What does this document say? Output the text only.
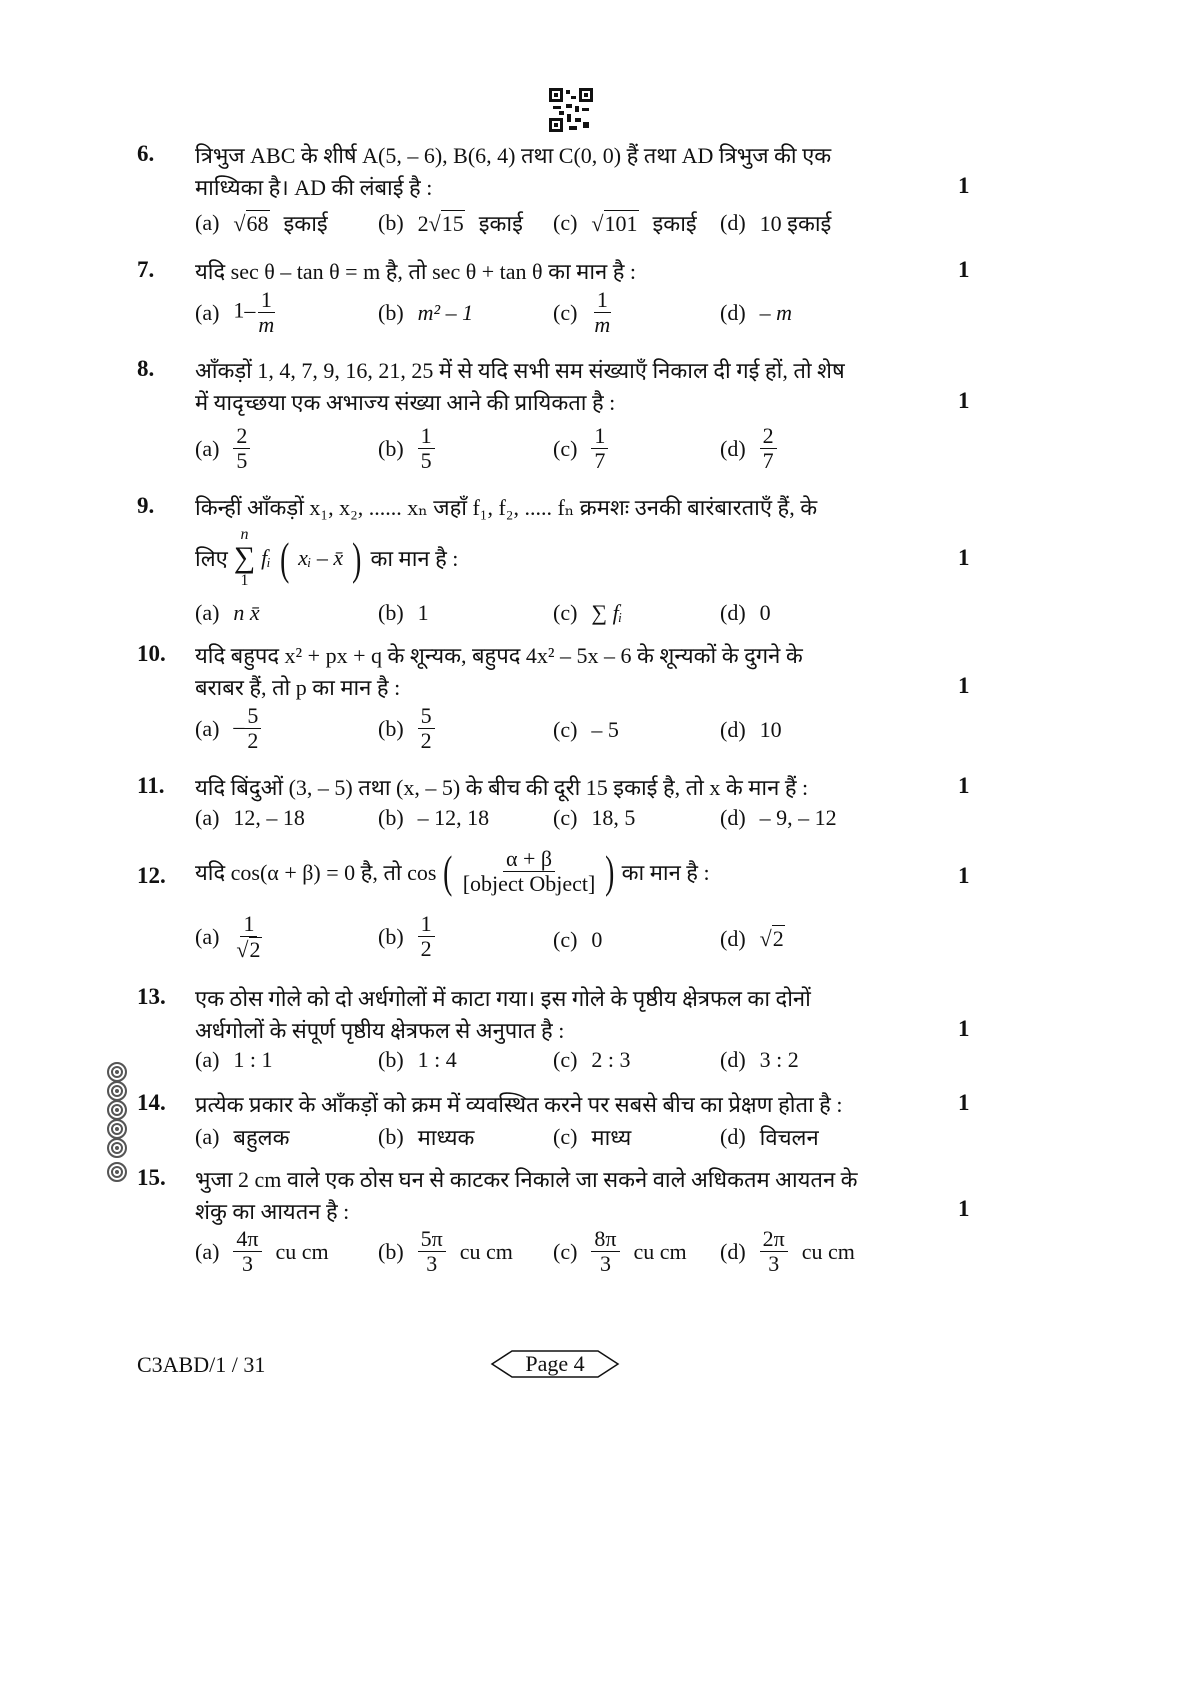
6. त्रिभुज ABC के शीर्ष A(5, – 6), B(6, 4) तथा C(0, 0) हैं तथा AD त्रिभुज की एक
माध्यिका है। AD की लंबाई है :	1
(a) √ 68 इकाई (b) 2 √ 15 इकाई (c) √ 101 इकाई (d) 10 इकाई
7. यदि sec θ – tan θ = m है, तो sec θ + tan θ का मान है :	1
(a) $1- \frac{1}{m}$	(b) m² – 1	$(c) \frac{1}{m}$	(d) – m
8. आँकड़ों 1, 4, 7, 9, 16, 21, 25 में से यदि सभी सम संख्याएँ निकाल दी गई हों, तो शेष
में यादृच्छया एक अभाज्य संख्या आने की प्रायिकता है :	1
$(a) \frac{2}{5}$	$(b) \frac{1}{5}$	$(c) \frac{1}{7}$	$(d) \frac{2}{7}$
9. किन्हीं आँकड़ों x₁, x₂, ...... xₙ जहाँ f₁, f₂, ..... fₙ क्रमशः उनकी बारंबारताएँ हैं, के
लिए
n
∑
1
fᵢ ( xᵢ – x̄ ) का मान है :	1
(a) n x̄	(b) 1	(c) ∑ fᵢ	(d) 0
10. यदि बहुपद x² + px + q के शून्यक, बहुपद 4x² – 5x – 6 के शून्यकों के दुगने के
बराबर हैं, तो p का मान है :	1
$(a) - \frac{5}{2}$	$(b) \frac{5}{2}$	(c) – 5	(d) 10
11. यदि बिंदुओं (3, – 5) तथा (x, – 5) के बीच की दूरी 15 इकाई है, तो x के मान हैं :	1
(a) 12, – 18	(b) – 12, 18	(c) 18, 5	(d) – 9, – 12
12. यदि cos(α + β) = 0 है, तो cos ( $\frac{\alpha + \beta}{\text{[object Object]}}$ ) का मान है :	1
$(a) \frac{1}{√ 2}$	$(b) \frac{1}{2}$	(c) 0	(d) √ 2
13. एक ठोस गोले को दो अर्धगोलों में काटा गया। इस गोले के पृष्ठीय क्षेत्रफल का दोनों
अर्धगोलों के संपूर्ण पृष्ठीय क्षेत्रफल से अनुपात है :	1
(a) 1 : 1	(b) 1 : 4	(c) 2 : 3	(d) 3 : 2
14. प्रत्येक प्रकार के आँकड़ों को क्रम में व्यवस्थित करने पर सबसे बीच का प्रेक्षण होता है :	1
(a) बहुलक	(b) माध्यक	(c) माध्य	(d) विचलन
15. भुजा 2 cm वाले एक ठोस घन से काटकर निकाले जा सकने वाले अधिकतम आयतन के
शंकु का आयतन है :	1
$(a) \frac{4\pi}{3}$ cu cm $(b) \frac{5\pi}{3}$ cu cm $(c) \frac{8\pi}{3}$ cu cm $(d) \frac{2\pi}{3}$ cu cm
C3ABD/1 / 31	Page 4
